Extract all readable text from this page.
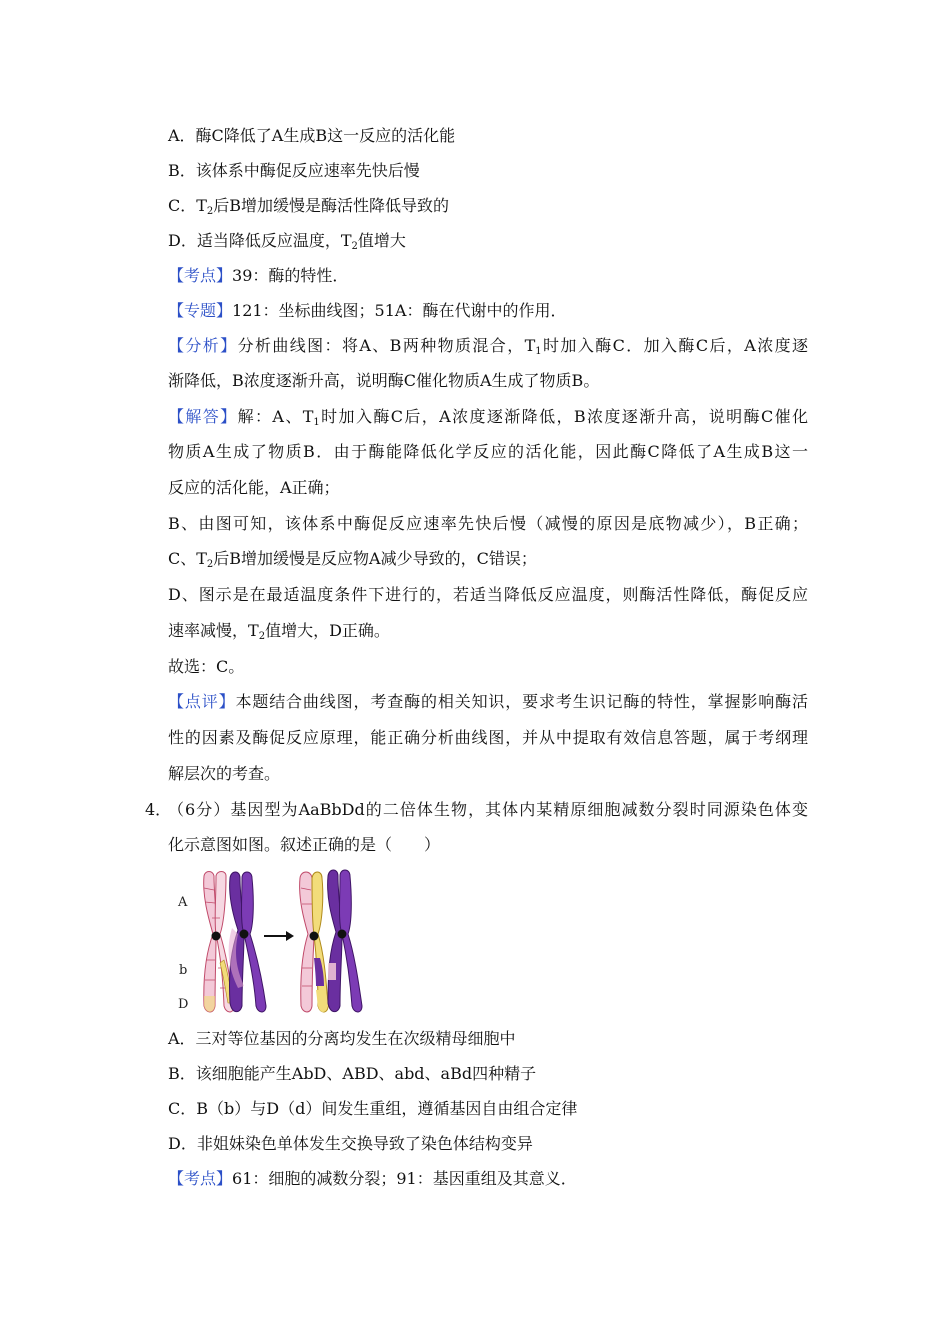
A．酶C降低了A生成B这一反应的活化能
B．该体系中酶促反应速率先快后慢
C．$T_2$后B增加缓慢是酶活性降低导致的
D．适当降低反应温度，$T_2$值增大
【考点】39：酶的特性．
【专题】121：坐标曲线图；51A：酶在代谢中的作用．
【分析】分析曲线图：将A、B两种物质混合，$T_1$时加入酶C．加入酶C后，A浓度逐
渐降低，B浓度逐渐升高，说明酶C催化物质A生成了物质B。
【解答】解：A、$T_1$时加入酶C后，A浓度逐渐降低，B浓度逐渐升高，说明酶C催化
物质A生成了物质B．由于酶能降低化学反应的活化能，因此酶C降低了A生成B这一
反应的活化能，A正确；
B、由图可知，该体系中酶促反应速率先快后慢（减慢的原因是底物减少），B正确；
C、$T_2$后B增加缓慢是反应物A减少导致的，C错误；
D、图示是在最适温度条件下进行的，若适当降低反应温度，则酶活性降低，酶促反应
速率减慢，$T_2$值增大，D正确。
故选：C。
【点评】本题结合曲线图，考查酶的相关知识，要求考生识记酶的特性，掌握影响酶活
性的因素及酶促反应原理，能正确分析曲线图，并从中提取有效信息答题，属于考纲理
解层次的考查。
4．
（6分）基因型为AaBbDd的二倍体生物，其体内某精原细胞减数分裂时同源染色体变
化示意图如图。叙述正确的是（　　）
A
b
D
A．三对等位基因的分离均发生在次级精母细胞中
B．该细胞能产生AbD、ABD、abd、aBd四种精子
C．B（b）与D（d）间发生重组，遵循基因自由组合定律
D．非姐妹染色单体发生交换导致了染色体结构变异
【考点】61：细胞的减数分裂；91：基因重组及其意义．
